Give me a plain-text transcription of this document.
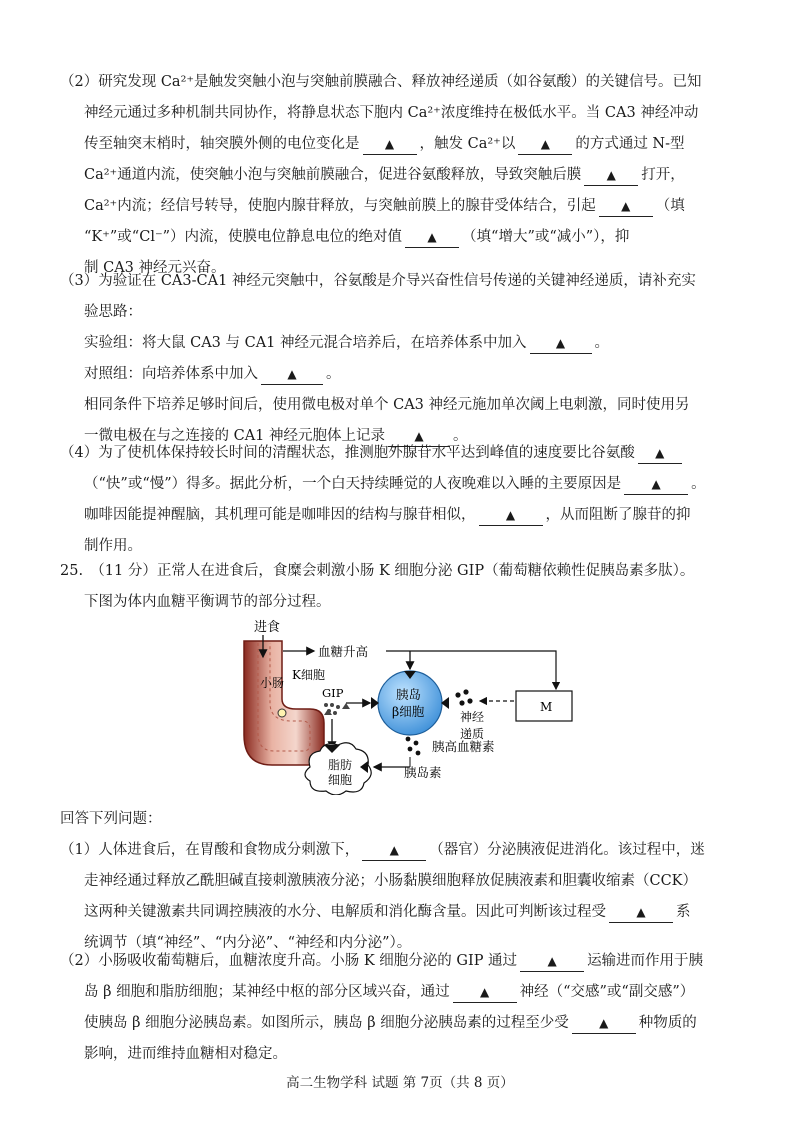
（2）研究发现 Ca²⁺是触发突触小泡与突触前膜融合、释放神经递质（如谷氨酸）的关键信号。已知
神经元通过多种机制共同协作，将静息状态下胞内 Ca²⁺浓度维持在极低水平。当 CA3 神经冲动
传至轴突末梢时，轴突膜外侧的电位变化是 ▲	，触发 Ca²⁺以 ▲	的方式通过 N-型
Ca²⁺通道内流，使突触小泡与突触前膜融合，促进谷氨酸释放，导致突触后膜 ▲	打开，
Ca²⁺内流；经信号转导，使胞内腺苷释放，与突触前膜上的腺苷受体结合，引起 ▲	（填
“K⁺”或“Cl⁻”）内流，使膜电位静息电位的绝对值 ▲	（填“增大”或“减小”），抑
制 CA3 神经元兴奋。
（3）为验证在 CA3-CA1 神经元突触中，谷氨酸是介导兴奋性信号传递的关键神经递质，请补充实
验思路：
实验组：将大鼠 CA3 与 CA1 神经元混合培养后，在培养体系中加入 ▲	。
对照组：向培养体系中加入 ▲	。
相同条件下培养足够时间后，使用微电极对单个 CA3 神经元施加单次阈上电刺激，同时使用另
一微电极在与之连接的 CA1 神经元胞体上记录 ▲	。
（4）为了使机体保持较长时间的清醒状态，推测胞外腺苷水平达到峰值的速度要比谷氨酸▲
（“快”或“慢”）得多。据此分析，一个白天持续睡觉的人夜晚难以入睡的主要原因是 ▲	。
咖啡因能提神醒脑，其机理可能是咖啡因的结构与腺苷相似， ▲	，从而阻断了腺苷的抑
制作用。
25.　（11 分）正常人在进食后，食糜会刺激小肠 K 细胞分泌 GIP（葡萄糖依赖性促胰岛素多肽）。
下图为体内血糖平衡调节的部分过程。
进食
小肠
血糖升高
M
K细胞
GIP	胰岛
β细胞	神经
递质
胰高血糖素
胰岛素
脂肪
细胞
回答下列问题：
（1）人体进食后，在胃酸和食物成分刺激下， ▲	（器官）分泌胰液促进消化。该过程中，迷
走神经通过释放乙酰胆碱直接刺激胰液分泌；小肠黏膜细胞释放促胰液素和胆囊收缩素（CCK）
这两种关键激素共同调控胰液的水分、电解质和消化酶含量。因此可判断该过程受 ▲	系
统调节（填“神经”、“内分泌”、“神经和内分泌”）。
（2）小肠吸收葡萄糖后，血糖浓度升高。小肠 K 细胞分泌的 GIP 通过 ▲	运输进而作用于胰
岛 β 细胞和脂肪细胞；某神经中枢的部分区域兴奋，通过 ▲	神经（“交感”或“副交感”）
使胰岛 β 细胞分泌胰岛素。如图所示，胰岛 β 细胞分泌胰岛素的过程至少受 ▲	种物质的
影响，进而维持血糖相对稳定。
高二生物学科 试题 第 7页（共 8 页）
